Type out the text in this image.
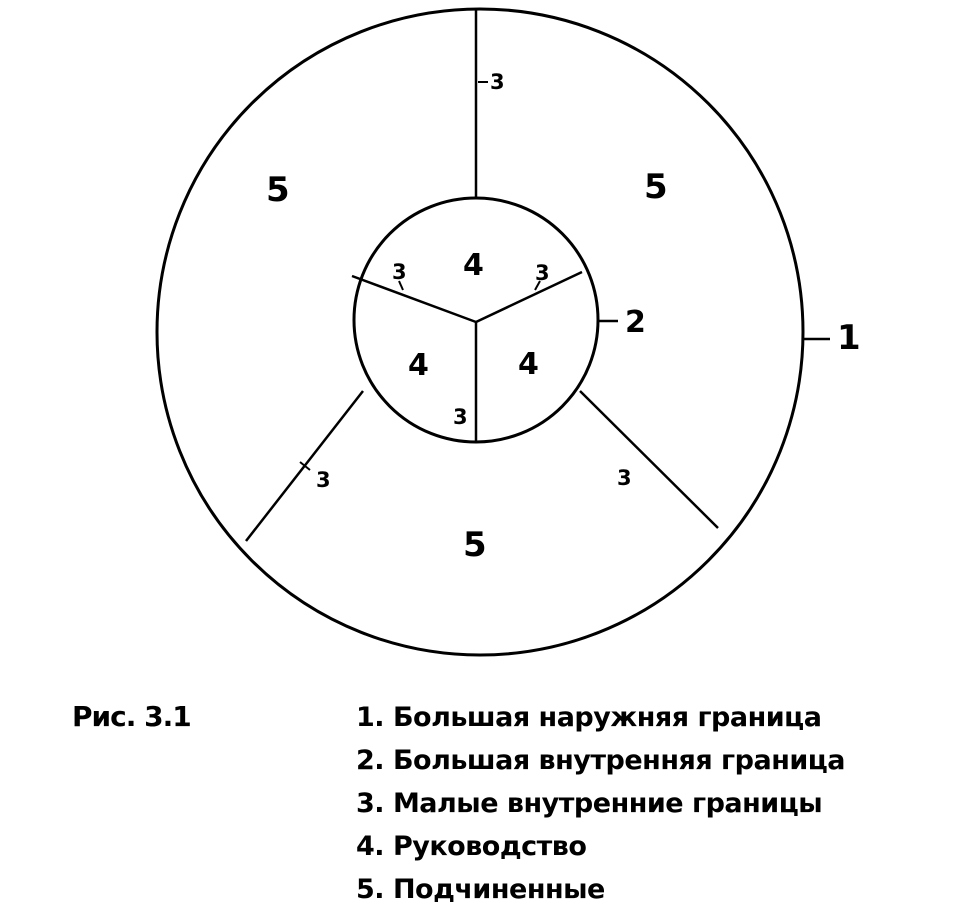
1
2
3
3	3
3	3
3
4
4	4
5	5
5
Рис. 3.1	1. Большая наружняя граница
2. Большая внутренняя граница
3. Малые внутренние границы
4. Руководство
5. Подчиненные
